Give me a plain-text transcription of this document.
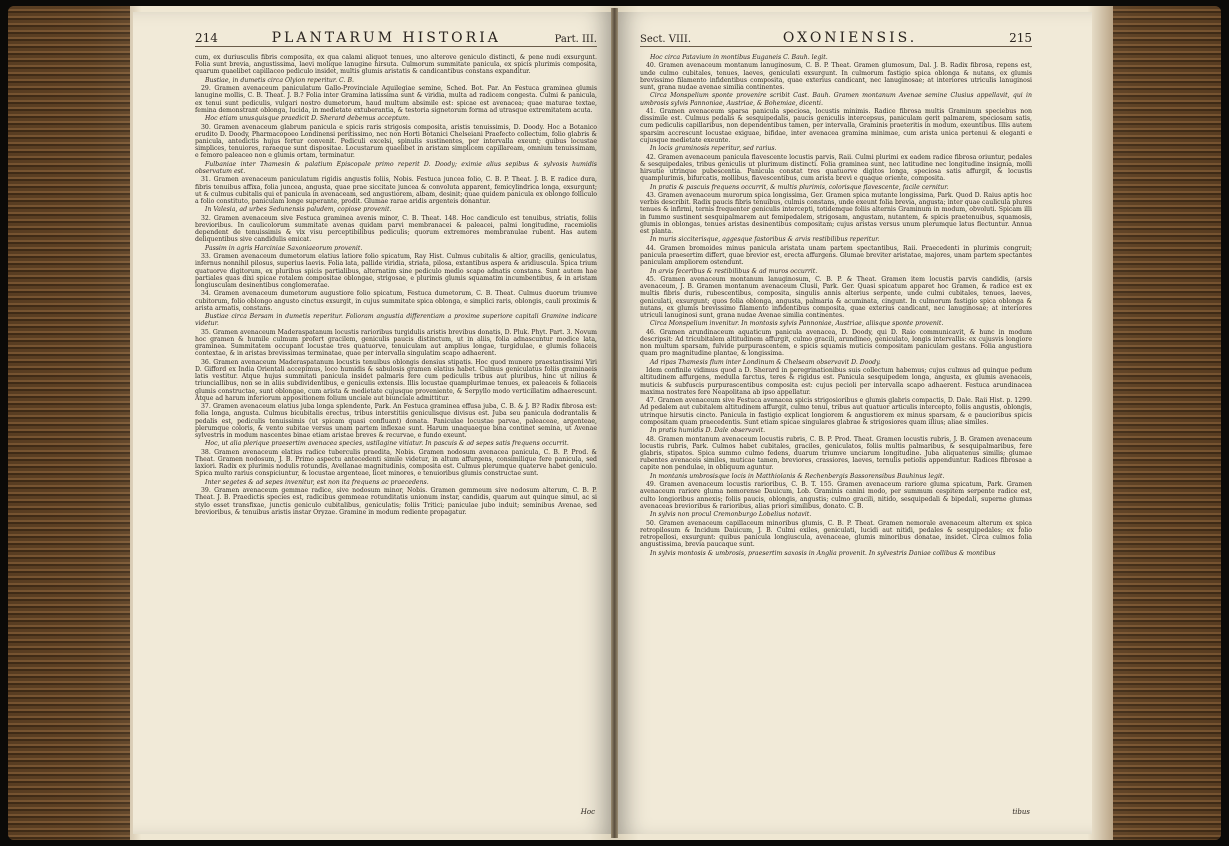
214	PLANTARUM HISTORIA	Part. III.

cum, ex duriusculis fibris composita, ex qua calami aliquot tenues, uno alterove geniculo distincti, & pene nudi exsurgunt. Folia sunt brevia, angustissima, laevi molique lanugine hirsuta. Culmorum summitate panicula, ex spicis plurimis composita, quarum quaelibet capillaceo pediculo insidet, multis glumis aristatis & candicantibus constans expanditur.

Bustiae, in dumetis circa Olyion reperitur. C. B.

29. Gramen avenaceum paniculatum Gallo-Provinciale Aquilegiae semine, Sched. Bot. Par. An Festuca graminea glumis lanugine mollis, C. B. Theat. J. B.? Folia inter Gramina latissima sunt & viridia, multa ad radicem congesta. Culmi & panicula, ex tenui sunt pediculis, vulgari nostro dumetorum, haud multum absimile est: spicae est avenacea; quae maturae textae, femina demonstrant oblonga, lucida, in medietate extuberantia, & testoria signetorum forma ad utrasque extremitatem acuta.

Hoc etiam unusquisque praedicit D. Sherard debemus acceptum.

30. Gramen avenaceum glabrum panicula e spicis raris strigosis composita, aristis tenuissimis, D. Doody. Hoc a Botanico erudito D. Doody, Pharmacopoeo Londinensi peritissimo, nec non Horti Botanici Chelseiani Praefecto collectum, folio glabris & panicula, antedictis hujus fertur convenit. Pediculi excelsi, spinulis sustinentes, per intervalla exeunt; quibus locustae simplices, tenuiores, raraeque sunt dispositae. Locustarum quaelibet in aristam simplicem capillaream, omnium tenuissimam, e femoro paleaceo non e glumis ortam, terminatur.

Fulbaniae inter Thamesin & palatium Episcopale primo reperit D. Doody; eximie alius sepibus & sylvosis humidis observatum est.

31. Gramen avenaceum paniculatum rigidis angustis foliis, Nobis. Festuca juncea folio, C. B. P. Theat. J. B. E radice dura, fibris tenuibus affixa, folia juncea, angusta, quae prae siccitate juncea & convoluta apparent, femicylindrica longa, exsurgunt; ut & culmus cubitalis qui et panicula in avenaceam, sed angustiorem, albam, desinit; quae quidem panicula ex oblongo folliculo a folio constituto, paniculam longe superante, prodit. Glumae rarae aridis argenteis donantur.

In Valesia, ad urbes Sedunensis paludem, copiose provenit.

32. Gramen avenaceum sive Festuca graminea avenis minor, C. B. Theat. 148. Hoc candiculo est tenuibus, striatis, foliis brevioribus. In caulicolorum summitate avenas quidam parvi membranacei & paleacei, palmi longitudine, racemiolis dependent de tenuissimis & vix visu perceptibilibus pediculis; quorum extremores membranulae rubent. Has autem deliquentibus sive candidulis emicat.

Passim in agris Harciniae Saxoniaeorum provenit.

33. Gramen avenaceum dumetorum elatius latiore folio spicatum, Ray Hist. Culmus cubitalis & altior, gracilis, geniculatus, infernus nonnihil pilosus, superius laevis. Folia lata, pallide viridia, striata, pilosa, extantibus aspera & aridiuscula. Spica trium quatuorve digitorum, ex pluribus spicis partialibus, alternatim sine pediculo medio scapo adnatis constans. Sunt autem hae partiales quas dixi spicae rotalem compositae oblongae, strigosae, e plurimis glumis squamatim incumbentibus, & in aristam longiusculam desinentibus conglomeratae.

34. Gramen avenaceum dumetorum augustiore folio spicatum, Festuca dumetorum, C. B. Theat. Culmus duorum triumve cubitorum, folio oblongo angusto cinctus exsurgit, in cujus summitate spica oblonga, e simplici raris, oblongis, cauli proximis & arista armatis, constans.

Bustiae circa Bersam in dumetis reperitur. Folioram angustia differentiam a proxime superiore capitali Gramine indicare videtur.

35. Gramen avenaceum Maderaspatanum locustis rarioribus turgidulis aristis brevibus donatis, D. Pluk. Phyt. Part. 3. Novum hoc gramen & humile culmum profert gracilem, geniculis paucis distinctum, ut in aliis, folia adnascuntur modice lata, graminea. Summitatem occupant locustae tres quatuorve, tenuiculam aut amplius longae, turgidulae, e glumis foliaceis contextae, & in aristas brevissimas terminatae, quae per intervalla singulatim scapo adhaerent.

36. Gramen avenaceum Maderaspatanum locustis tenuibus oblongis densius stipatis. Hoc quod munere praestantissimi Viri D. Gifford ex India Orientali accepimus, loco humidis & sabulosis gramen elatius habet. Culmus geniculatus foliis graminaeis latis vestitur. Atque hujus summitati panicula insidet palmaris fere cum pediculis tribus aut pluribus, hinc ut nilius & triunciallibus, non se in aliis subdividentibus, e geniculis extensis. Illis locustae quamplurimae tenues, ex paleaceis & foliaceis glumis constructae, sunt oblongae, cum arista & medietate cujusque proveniente, & Serpyllo modo verticillatim adhaerescunt. Atque ad harum inferiorum appositionem folium unciale aut biunciale admittitur.

37. Gramen avenaceum elatius juba longa splendente, Park. An Festuca graminea effusa juba, C. B. & J. B? Radix fibrosa est: folia longa, angusta. Culmus bicubitalis erectus, tribus interstitiis geniculisque divisus est. Juba seu panicula dodrantalis & pedalis est, pediculis tenuissimis (ut spicam quasi confluant) donata. Paniculae locustae parvae, paleaceae, argenteae, plerumque coloris, & vento subitae versus unam partem inflexae sunt. Harum unaquaeque bina continet semina, ut Avenae sylvestris in modum nascentes binae etiam aristae breves & recurvae, e fundo exeunt.

Hoc, ut alia plerique praesertim avenacea species, ustilagine vitiatur. In pascuis & ad sepes satis frequens occurrit.

38. Gramen avenaceum elatius radice tuberculis praedita, Nobis. Gramen nodosum avenacea panicula, C. B. P. Prod. & Theat. Gramen nodosum, J. B. Primo aspectu antecedenti simile videtur, in altum affurgens, consimilique fere panicula, sed laxiori. Radix ex plurimis nodulis rotundis, Avellanae magnitudinis, composita est. Culmus plerumque quaterve habet geniculo. Spica multo rarius conspiciuntur, & locustae argenteae, licet minores, e tenuioribus glumis constructae sunt.

Inter segetes & ad sepes invenitur, est non ita frequens ac praecedens.

39. Gramen avenaceum gemmae radice, sive nodosum minor, Nobis. Gramen gemmeum sive nodosum alterum, C. B. P. Theat. J. B. Praedictis species est, radicibus gemmeae rotunditatis unionum instar, candidis, quarum aut quinque simul, ac si stylo esset transfixae, junctis geniculo cubitalibus, geniculatis; foliis Tritici; paniculae jubo induit; seminibus Avenae, sed brevioribus, & tenuibus aristis instar Oryzae. Gramine in modum rediente propagatur.

Hoc
Sect. VIII.	OXONIENSIS.	215

Hoc circa Patavium in montibus Euganeis C. Bauh. legit.

40. Gramen avenaceum montanum lanuginosum, C. B. P. Theat. Gramen glumosum, Dal. J. B. Radix fibrosa, repens est, unde culmo cubitales, tenues, laeves, geniculati exsurgunt. In culmorum fastigio spica oblonga & nutans, ex glumis brevissimo filamento infidentibus composita, quae exterius candicant, nec lanuginosae; at interiores utriculis lanuginosi sunt, grana nudae avenae similia continentes.

Circa Monspelium sponte provenire scribit Cast. Bauh. Gramen montanum Avenae semine Clusius appellavit, qui in umbrosis sylvis Pannoniae, Austriae, & Bohemiae, dicenti.

41. Gramen avenaceum sparsa panicula speciosa, locustis minimis. Radice fibrosa multis Graminum speciebus non dissimile est. Culmus pedalis & sesquipedalis, paucis geniculis intercepsus, paniculam gerit palmarem, speciosam satis, cum pediculis capillaribus, non dependentibus tamen, per intervalla, Graminis praeteritis in modum, exeuntibus. Illis autem sparsim accrescunt locustae exiguae, bifidae, inter avenacea gramina minimae, cum arista unica pertenui & eleganti e cujusque medietate exeunte.

In locis graminosis reperitur, sed rarius.

42. Gramen avenaceum panicula flavescente locustis parvis, Raii. Culmi plurimi ex eadem radice fibrosa oriuntur, pedales & sesquipedales, tribus geniculis ut plurimum distincti. Folia graminea sunt, nec latitudine nec longitudine insignia, molli hirsutie utrinque pubescentia. Panicula constat tres quatuorve digitos longa, speciosa satis affurgit, & locustis quamplurimis, bifurcatis, mollibus, flavescentibus, cum arista brevi e quaque oriente, composita.

In pratis & pascuis frequens occurrit, & multis plurimis, colorisque flavescente, facile cernitur.

43. Gramen avenaceum murorum spica longissima, Ger. Gramen spica mutante longissima, Park. Quod D. Raius aptis hoc verbis describit. Radix paucis fibris tenuibus, culmis constans, unde exeunt folia brevia, angusta; inter quae caulicula plures tenues & infirmi, ternis frequenter geniculis intercepti, totidemque foliis alternis Graminum in modum, obvoluti. Spicam illi in fummo sustinent sesquipalmarem aut femipedalem, strigosam, angustam, nutantem, & spicis praetenuibus, squamosis, glumis in oblongas, tenues aristas desinentibus compositam; cujus aristas versus unum plerumque latus flectuntur. Annua est planta.

In muris sicciterisque, aggesque fastoribus & arvis restibilibus reperitur.

44. Gramen bromoides minus panicula aristata unam partem spectantibus, Raii. Praecedenti in plurimis congruit; panicula praesertim differt, quae brevior est, erecta affurgens. Glumae breviter aristatae, majores, unam partem spectantes paniculam ampliorem ostendunt.

In arvis feceribus & restibilibus & ad muros occurrit.

45. Gramen avenaceum montanum lanuginosum, C. B. P. & Theat. Gramen item locustis parvis candidis, (arsis avenaceum, J. B. Gramen montanum avenaceum Clusii, Park. Ger. Quasi spicatum apparet hoc Gramen, & radice est ex multis fibris duris, rubescentibus, composita, singulis annis alterius serpente, unde culmi cubitales, tenues, laeves, geniculati, exsurgunt; quos folia oblonga, angusta, palmaria & acuminata, cingunt. In culmorum fastigio spica oblonga & nutans, ex glumis brevissimo filamento infidentibus composita, quae exterius candicant, nec lanuginosae; at interiores utriculi lanuginosi sunt, grana nudae Avenae similia continentes.

Circa Monspelium invenitur. In montosis sylvis Pannoniae, Austriae, aliisque sponte provenit.

46. Gramen arundinaceum aquaticum panicula avenacea, D. Doody, qui D. Raio communicavit, & hunc in modum descripsit: Ad tricubitalem altitudinem affurgit, culmo gracili, arundineo, geniculato, longis intervallis: ex cujusvis longiore non multum sparsam, fulvide purpurascentem, e spicis squamis muticis compositam paniculam gestans. Folia angustiora quam pro magnitudine plantae, & longissima.

Ad ripas Thamesis flum inter Londinum & Chelseam observavit D. Doody.

Idem confinile vidimus quod a D. Sherard in peregrinationibus suis collectum habemus; cujus culmus ad quinque pedum altitudinem affurgens, medulla farctus, teres & rigidus est. Panicula sesquipedem longa, angusta, ex glumis avenaceis, muticis & subfuscis purpurascentibus composita est: cujus pecioli per intervalla scapo adhaerent. Festuca arundinacea maxima nostrates fere Neapolitana ab ipso appellatur.

47. Gramen avenaceum sive Festuca avenacea spicis strigosioribus e glumis glabris compactis, D. Dale. Raii Hist. p. 1299. Ad pedalem aut cubitalem altitudinem affurgit, culmo tenui, tribus aut quatuor articulis intercepto, foliis angustis, oblongis, utrinque hirsutis cincto. Panicula in fastigio explicat longiorem & angustiorem ex minus sparsam, & e paucioribus spicis compositam quam praecedentis. Sunt etiam spicae singulares glabrae & strigosiores quam illius; aliae similes.

In pratis humidis D. Dale observavit.

48. Gramen montanum avenaceum locustis rubris, C. B. P. Prod. Theat. Gramen locustis rubris, J. B. Gramen avenaceum locustis rubris, Park. Culmos habet cubitales, graciles, geniculatos, foliis multis palmaribus, & sesquipalmaribus, fere glabris, stipatos. Spica summo culmo fedens, duarum triumve unciarum longitudine. Juba aliquatenus similis; glumae rubentes avenaceis similes, muticae tamen, breviores, crassiores, laeves, ternulis petiolis appenduntur. Radices fibrosae a capite non pendulae, in obliquum aguntur.

In montanis umbrosisque locis in Matthiolanis & Rechenbergis Bassorensibus Bauhinus legit.

49. Gramen avenaceum locustis rarioribus, C. B. T. 155. Gramen avenaceum rariore gluma spicatum, Park. Gramen avenaceum rariore gluma nemorense Dauicum, Lob. Graminis canini modo, per summum cespitem serpente radice est, culto longioribus annexis; foliis paucis, oblongis, angustis; culmo gracili, nitido, sesquipedali & bipedali, superne glumas avenaceas brevioribus & rarioribus, alias priori similibus, donato. C. B.

In sylvis non procul Cremonburgo Lobelius notavit.

50. Gramen avenaceum capillaceum minoribus glumis, C. B. P. Theat. Gramen nemorale avenaceum alterum ex spica retropilosum & Incidum Dauicum, J. B. Culmi exiles, geniculati, lucidi aut nitidi, pedales & sesquipedales; ex folio retropellosi, exsurgunt: quibus panicula longiuscula, avenaceae, glumis minoribus donatae, insidet. Circa culmos folia angustissima, brevia paucaque sunt.

In sylvis montosis & umbrosis, praesertim saxosis in Anglia provenit. In sylvestris Daniae collibus & montibus

tibus
